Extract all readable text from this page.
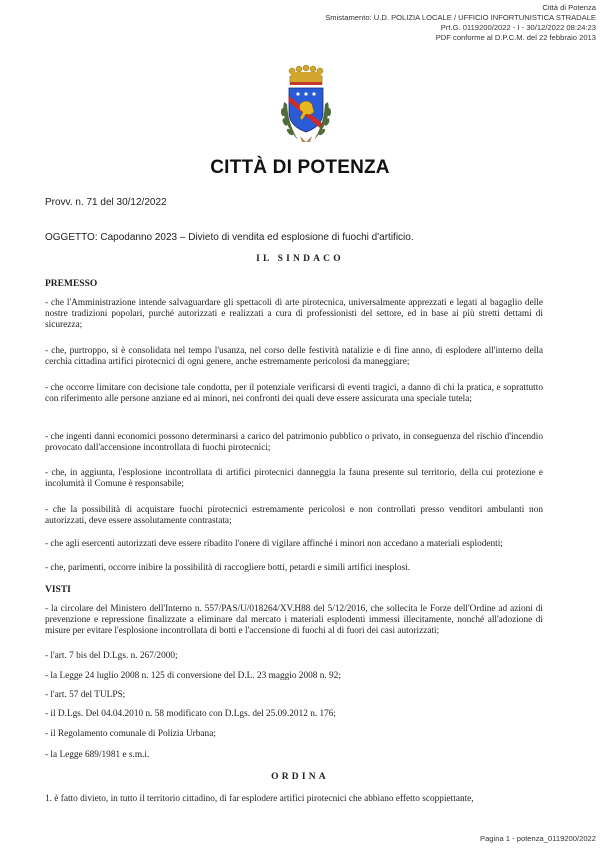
Città di Potenza
Smistamento: U.D. POLIZIA LOCALE / UFFICIO INFORTUNISTICA STRADALE
Prt.G. 0119200/2022 - I - 30/12/2022 08:24:23
PDF conforme al D.P.C.M. del 22 febbraio 2013
CITTÀ DI POTENZA
Provv. n. 71 del 30/12/2022
OGGETTO: Capodanno 2023 – Divieto di vendita ed esplosione di fuochi d'artificio.
IL SINDACO
PREMESSO
- che l'Amministrazione intende salvaguardare gli spettacoli di arte pirotecnica, universalmente apprezzati e legati al bagaglio delle nostre tradizioni popolari, purché autorizzati e realizzati a cura di professionisti del settore, ed in base ai più stretti dettami di sicurezza;
- che, purtroppo, si è consolidata nel tempo l'usanza, nel corso delle festività natalizie e di fine anno, di esplodere all'interno della cerchia cittadina artifici pirotecnici di ogni genere, anche estremamente pericolosi da maneggiare;
- che occorre limitare con decisione tale condotta, per il potenziale verificarsi di eventi tragici, a danno di chi la pratica, e soprattutto con riferimento alle persone anziane ed ai minori, nei confronti dei quali deve essere assicurata una speciale tutela;
- che ingenti danni economici possono determinarsi a carico del patrimonio pubblico o privato, in conseguenza del rischio d'incendio provocato dall'accensione incontrollata di fuochi pirotecnici;
- che, in aggiunta, l'esplosione incontrollata di artifici pirotecnici danneggia la fauna presente sul territorio, della cui protezione e incolumità il Comune è responsabile;
- che la possibilità di acquistare fuochi pirotecnici estremamente pericolosi e non controllati presso venditori ambulanti non autorizzati, deve essere assolutamente contrastata;
- che agli esercenti autorizzati deve essere ribadito l'onere di vigilare affinché i minori non accedano a materiali esplodenti;
- che, parimenti, occorre inibire la possibilità di raccogliere botti, petardi e simili artifici inesplosi.
VISTI
- la circolare del Ministero dell'Interno n. 557/PAS/U/018264/XV.H88 del 5/12/2016, che sollecita le Forze dell'Ordine ad azioni di prevenzione e repressione finalizzate a eliminare dal mercato i materiali esplodenti immessi illecitamente, nonché all'adozione di misure per evitare l'esplosione incontrollata di botti e l'accensione di fuochi al di fuori dei casi autorizzati;
- l'art. 7 bis del D.Lgs. n. 267/2000;
- la Legge 24 luglio 2008 n. 125 di conversione del D.L. 23 maggio 2008 n. 92;
- l'art. 57 del TULPS;
- il D.Lgs. Del 04.04.2010 n. 58 modificato con D.Lgs. del 25.09.2012 n. 176;
- il Regolamento comunale di Polizia Urbana;
- la Legge 689/1981 e s.m.i.
ORDINA
1. è fatto divieto, in tutto il territorio cittadino, di far esplodere artifici pirotecnici che abbiano effetto scoppiettante,
Pagina 1 - potenza_0119200/2022
